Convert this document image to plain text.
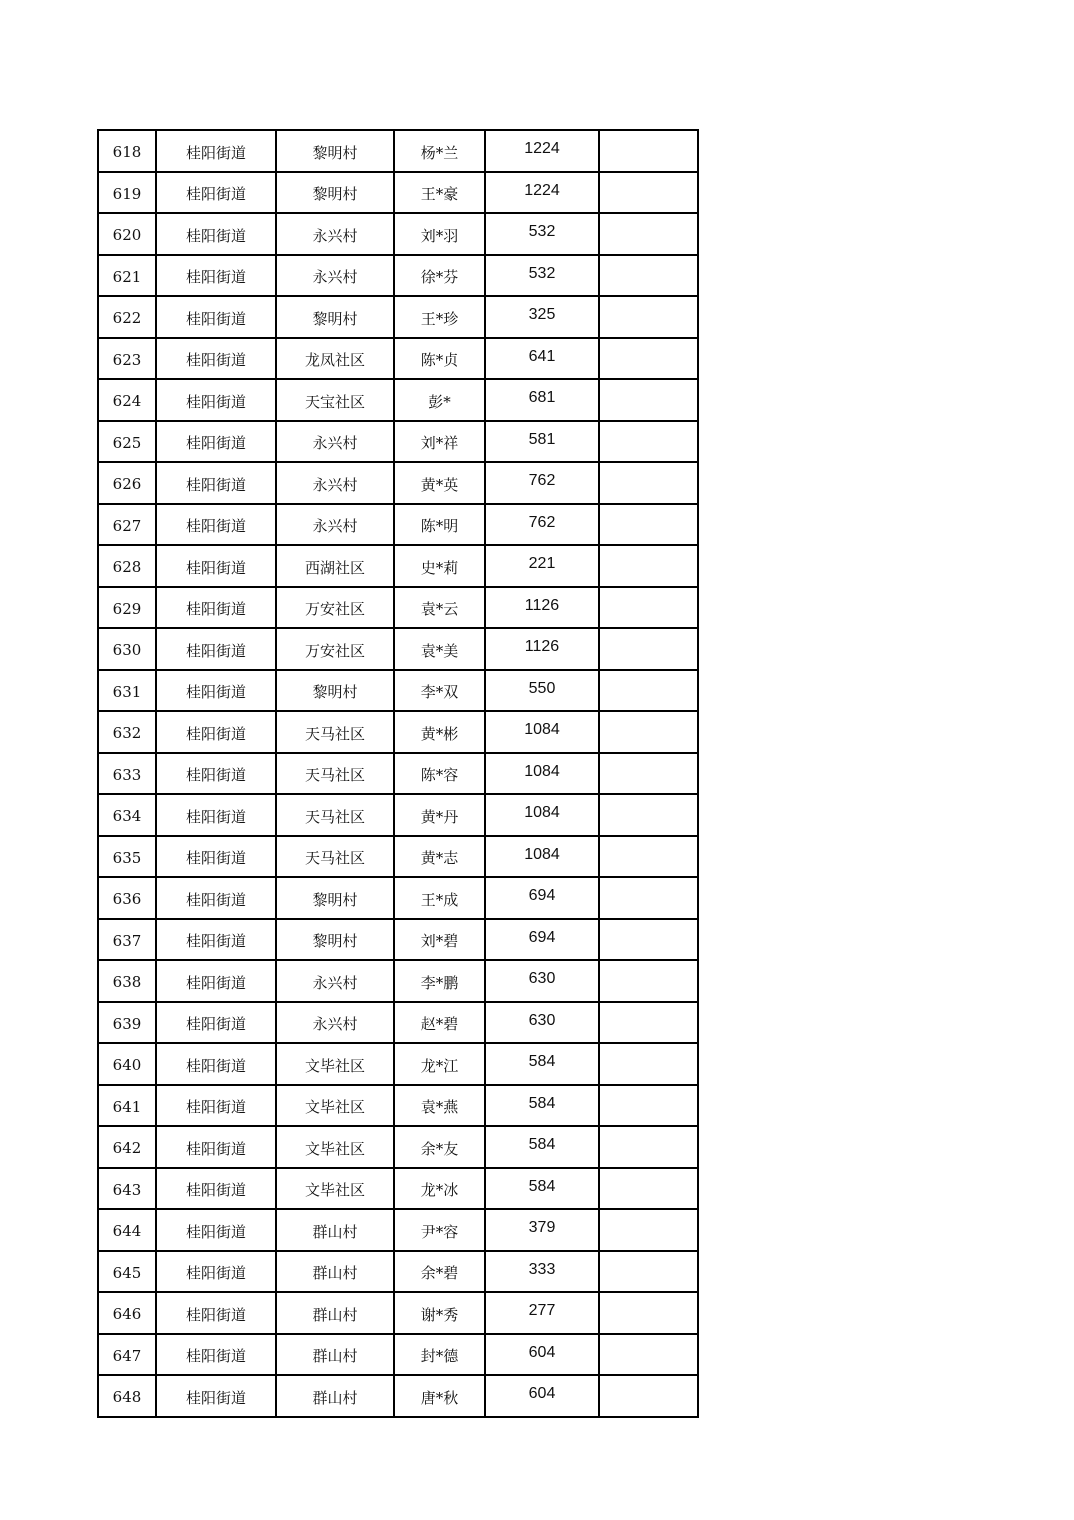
618	桂阳街道	黎明村	杨*兰	1224	
619	桂阳街道	黎明村	王*豪	1224	
620	桂阳街道	永兴村	刘*羽	532	
621	桂阳街道	永兴村	徐*芬	532	
622	桂阳街道	黎明村	王*珍	325	
623	桂阳街道	龙凤社区	陈*贞	641	
624	桂阳街道	天宝社区	彭*	681	
625	桂阳街道	永兴村	刘*祥	581	
626	桂阳街道	永兴村	黄*英	762	
627	桂阳街道	永兴村	陈*明	762	
628	桂阳街道	西湖社区	史*莉	221	
629	桂阳街道	万安社区	袁*云	1126	
630	桂阳街道	万安社区	袁*美	1126	
631	桂阳街道	黎明村	李*双	550	
632	桂阳街道	天马社区	黄*彬	1084	
633	桂阳街道	天马社区	陈*容	1084	
634	桂阳街道	天马社区	黄*丹	1084	
635	桂阳街道	天马社区	黄*志	1084	
636	桂阳街道	黎明村	王*成	694	
637	桂阳街道	黎明村	刘*碧	694	
638	桂阳街道	永兴村	李*鹏	630	
639	桂阳街道	永兴村	赵*碧	630	
640	桂阳街道	文毕社区	龙*江	584	
641	桂阳街道	文毕社区	袁*燕	584	
642	桂阳街道	文毕社区	余*友	584	
643	桂阳街道	文毕社区	龙*冰	584	
644	桂阳街道	群山村	尹*容	379	
645	桂阳街道	群山村	余*碧	333	
646	桂阳街道	群山村	谢*秀	277	
647	桂阳街道	群山村	封*德	604	
648	桂阳街道	群山村	唐*秋	604	
